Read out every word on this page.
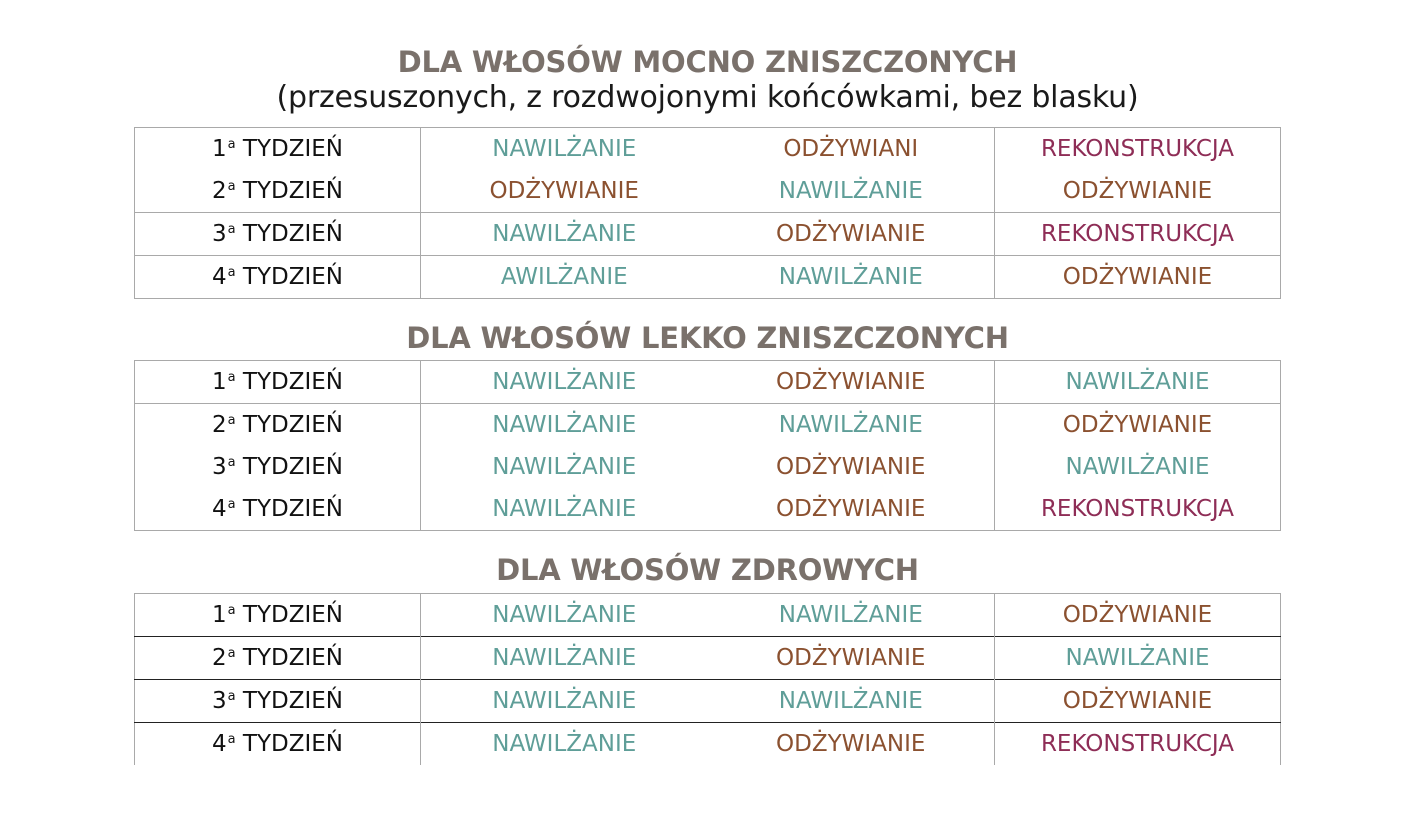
DLA WŁOSÓW MOCNO ZNISZCZONYCH
(przesuszonych, z rozdwojonymi końcówkami, bez blasku)
1$^a$ TYDZIEŃ	NAWILŻANIE	ODŻYWIANI	REKONSTRUKCJA
2$^a$ TYDZIEŃ	ODŻYWIANIE	NAWILŻANIE	ODŻYWIANIE
3$^a$ TYDZIEŃ	NAWILŻANIE	ODŻYWIANIE	REKONSTRUKCJA
4$^a$ TYDZIEŃ	AWILŻANIE	NAWILŻANIE	ODŻYWIANIE
DLA WŁOSÓW LEKKO ZNISZCZONYCH
1$^a$ TYDZIEŃ	NAWILŻANIE	ODŻYWIANIE	NAWILŻANIE
2$^a$ TYDZIEŃ	NAWILŻANIE	NAWILŻANIE	ODŻYWIANIE
3$^a$ TYDZIEŃ	NAWILŻANIE	ODŻYWIANIE	NAWILŻANIE
4$^a$ TYDZIEŃ	NAWILŻANIE	ODŻYWIANIE	REKONSTRUKCJA
DLA WŁOSÓW ZDROWYCH
1$^a$ TYDZIEŃ	NAWILŻANIE	NAWILŻANIE	ODŻYWIANIE
2$^a$ TYDZIEŃ	NAWILŻANIE	ODŻYWIANIE	NAWILŻANIE
3$^a$ TYDZIEŃ	NAWILŻANIE	NAWILŻANIE	ODŻYWIANIE
4$^a$ TYDZIEŃ	NAWILŻANIE	ODŻYWIANIE	REKONSTRUKCJA
